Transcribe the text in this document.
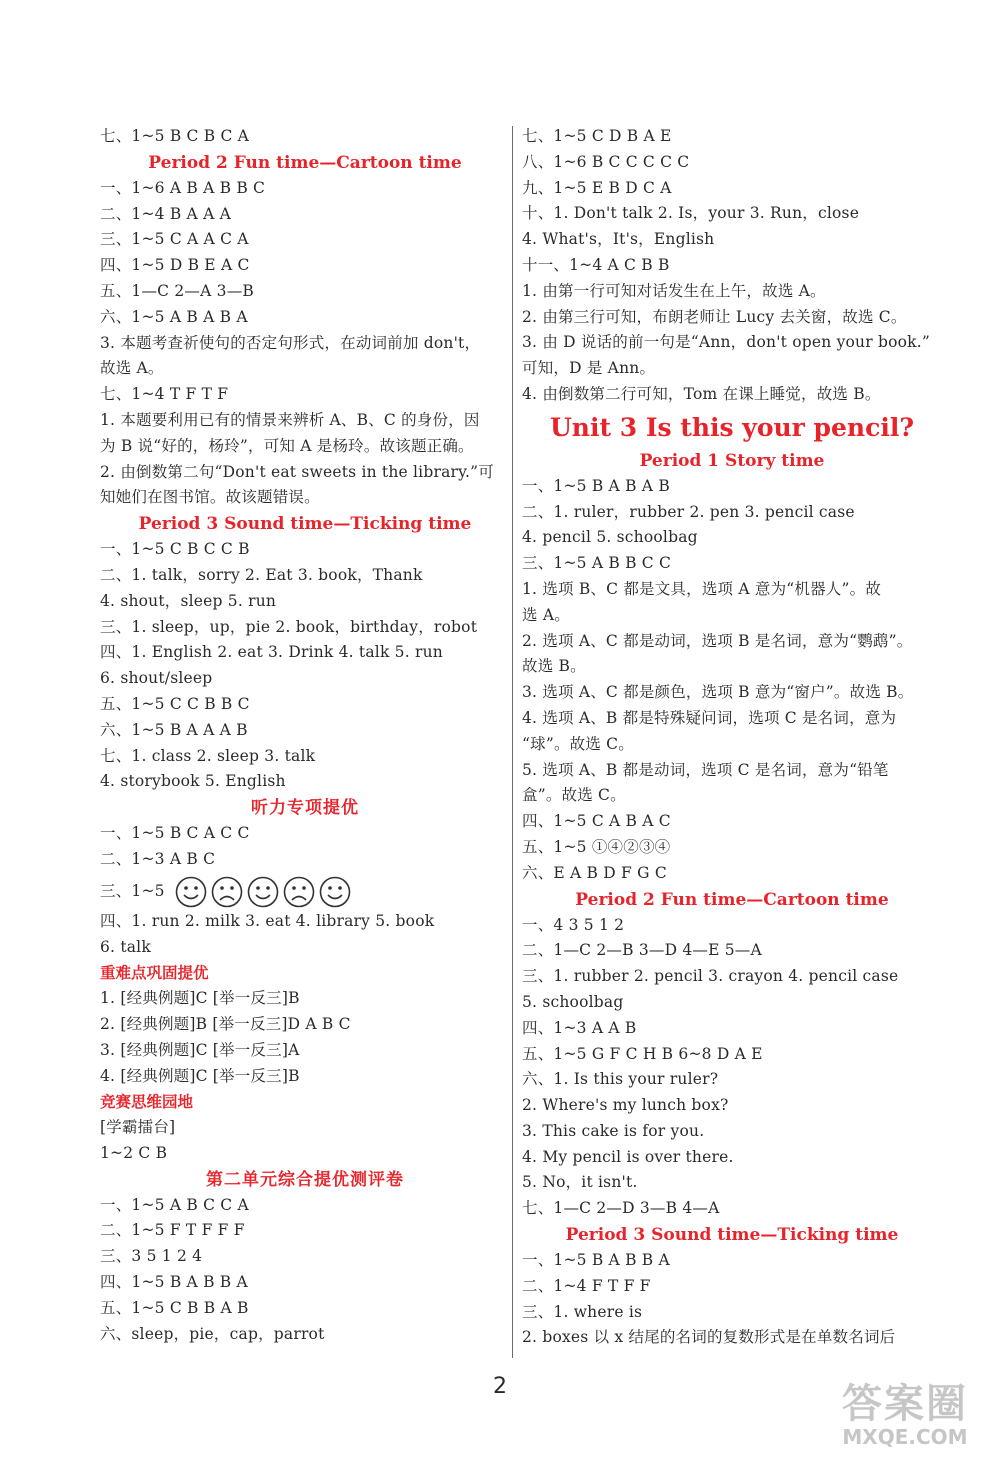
七、1~5 B C B C A
Period 2 Fun time—Cartoon time
一、1~6 A B A B B C
二、1~4 B A A A
三、1~5 C A A C A
四、1~5 D B E A C
五、1—C 2—A 3—B
六、1~5 A B A B A
3. 本题考查祈使句的否定句形式，在动词前加 don't，
故选 A。
七、1~4 T F T F
1. 本题要利用已有的情景来辨析 A、B、C 的身份，因
为 B 说“好的，杨玲”，可知 A 是杨玲。故该题正确。
2. 由倒数第二句“Don't eat sweets in the library.”可
知她们在图书馆。故该题错误。
Period 3 Sound time—Ticking time
一、1~5 C B C C B
二、1. talk，sorry 2. Eat 3. book，Thank
4. shout，sleep 5. run
三、1. sleep，up，pie 2. book，birthday，robot
四、1. English 2. eat 3. Drink 4. talk 5. run
6. shout/sleep
五、1~5 C C B B C
六、1~5 B A A A B
七、1. class 2. sleep 3. talk
4. storybook 5. English
听力专项提优
一、1~5 B C A C C
二、1~3 A B C
三、1~5
四、1. run 2. milk 3. eat 4. library 5. book
6. talk
重难点巩固提优
1. [经典例题]C [举一反三]B
2. [经典例题]B [举一反三]D A B C
3. [经典例题]C [举一反三]A
4. [经典例题]C [举一反三]B
竞赛思维园地
[学霸擂台]
1~2 C B
第二单元综合提优测评卷
一、1~5 A B C C A
二、1~5 F T F F F
三、3 5 1 2 4
四、1~5 B A B B A
五、1~5 C B B A B
六、sleep，pie，cap，parrot
七、1~5 C D B A E
八、1~6 B C C C C C
九、1~5 E B D C A
十、1. Don't talk 2. Is，your 3. Run，close
4. What's，It's，English
十一、1~4 A C B B
1. 由第一行可知对话发生在上午，故选 A。
2. 由第三行可知，布朗老师让 Lucy 去关窗，故选 C。
3. 由 D 说话的前一句是“Ann，don't open your book.”
可知，D 是 Ann。
4. 由倒数第二行可知，Tom 在课上睡觉，故选 B。
Unit 3 Is this your pencil?
Period 1 Story time
一、1~5 B A B A B
二、1. ruler，rubber 2. pen 3. pencil case
4. pencil 5. schoolbag
三、1~5 A B B C C
1. 选项 B、C 都是文具，选项 A 意为“机器人”。故
选 A。
2. 选项 A、C 都是动词，选项 B 是名词，意为“鹦鹉”。
故选 B。
3. 选项 A、C 都是颜色，选项 B 意为“窗户”。故选 B。
4. 选项 A、B 都是特殊疑问词，选项 C 是名词，意为
“球”。故选 C。
5. 选项 A、B 都是动词，选项 C 是名词，意为“铅笔
盒”。故选 C。
四、1~5 C A B A C
五、1~5 ①④②③④
六、E A B D F G C
Period 2 Fun time—Cartoon time
一、4 3 5 1 2
二、1—C 2—B 3—D 4—E 5—A
三、1. rubber 2. pencil 3. crayon 4. pencil case
5. schoolbag
四、1~3 A A B
五、1~5 G F C H B 6~8 D A E
六、1. Is this your ruler?
2. Where's my lunch box?
3. This cake is for you.
4. My pencil is over there.
5. No，it isn't.
七、1—C 2—D 3—B 4—A
Period 3 Sound time—Ticking time
一、1~5 B A B B A
二、1~4 F T F F
三、1. where is
2. boxes 以 x 结尾的名词的复数形式是在单数名词后
2	答案圈
MXQE.COM
